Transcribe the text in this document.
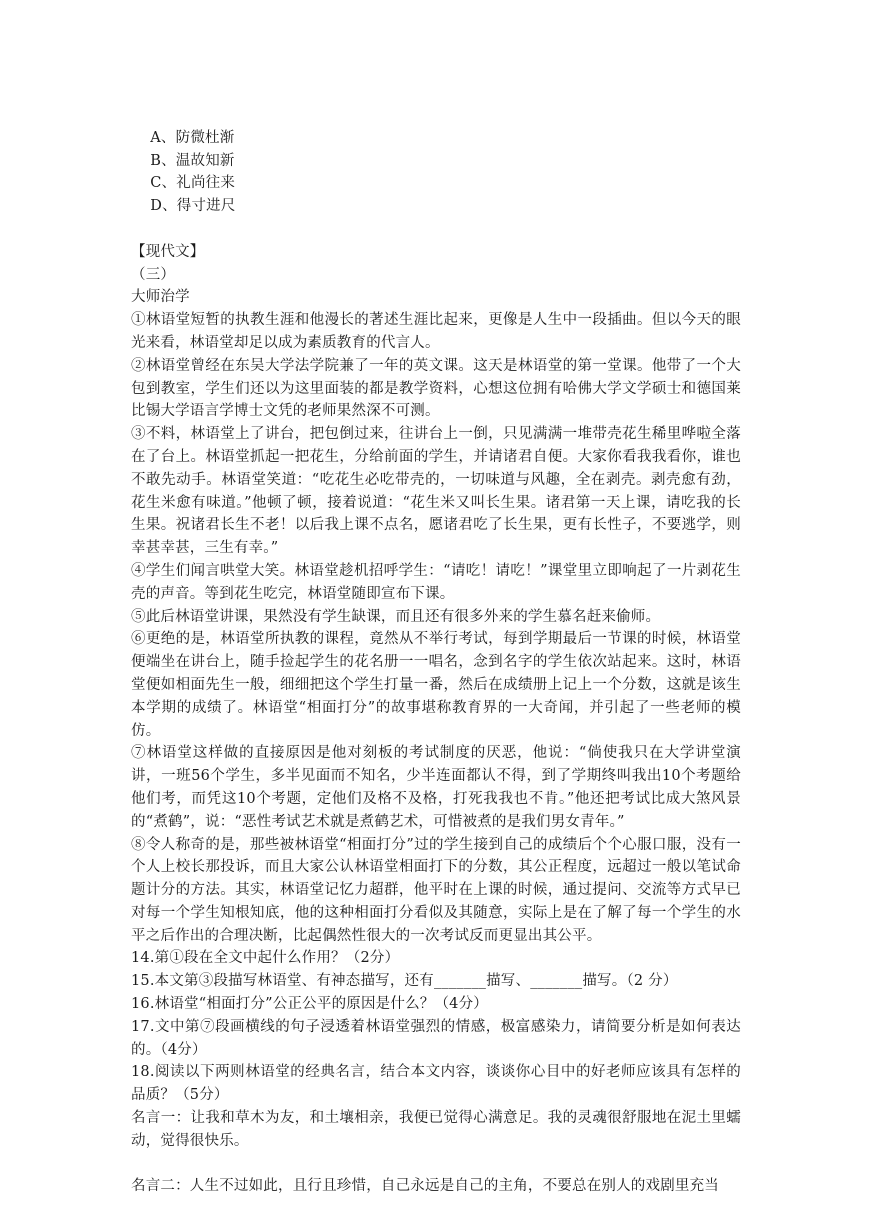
A、防微杜渐
B、温故知新
C、礼尚往来
D、得寸进尺

【现代文】
（三）
大师治学
①林语堂短暂的执教生涯和他漫长的著述生涯比起来，更像是人生中一段插曲。但以今天的眼光来看，林语堂却足以成为素质教育的代言人。
②林语堂曾经在东吴大学法学院兼了一年的英文课。这天是林语堂的第一堂课。他带了一个大包到教室，学生们还以为这里面装的都是教学资料，心想这位拥有哈佛大学文学硕士和德国莱比锡大学语言学博士文凭的老师果然深不可测。
③不料，林语堂上了讲台，把包倒过来，往讲台上一倒，只见满满一堆带壳花生稀里哗啦全落在了台上。林语堂抓起一把花生，分给前面的学生，并请诸君自便。大家你看我我看你，谁也不敢先动手。林语堂笑道：“吃花生必吃带壳的，一切味道与风趣，全在剥壳。剥壳愈有劲，花生米愈有味道。”他顿了顿，接着说道：“花生米又叫长生果。诸君第一天上课，请吃我的长生果。祝诸君长生不老！以后我上课不点名，愿诸君吃了长生果，更有长性子，不要逃学，则幸甚幸甚，三生有幸。”
④学生们闻言哄堂大笑。林语堂趁机招呼学生：“请吃！请吃！”课堂里立即响起了一片剥花生壳的声音。等到花生吃完，林语堂随即宣布下课。
⑤此后林语堂讲课，果然没有学生缺课，而且还有很多外来的学生慕名赶来偷师。
⑥更绝的是，林语堂所执教的课程，竟然从不举行考试，每到学期最后一节课的时候，林语堂便端坐在讲台上，随手捡起学生的花名册一一唱名，念到名字的学生依次站起来。这时，林语堂便如相面先生一般，细细把这个学生打量一番，然后在成绩册上记上一个分数，这就是该生本学期的成绩了。林语堂“相面打分”的故事堪称教育界的一大奇闻，并引起了一些老师的模仿。
⑦林语堂这样做的直接原因是他对刻板的考试制度的厌恶，他说：“倘使我只在大学讲堂演讲，一班56个学生，多半见面而不知名，少半连面都认不得，到了学期终叫我出10个考题给他们考，而凭这10个考题，定他们及格不及格，打死我我也不肯。”他还把考试比成大煞风景的“煮鹤”，说：“恶性考试艺术就是煮鹤艺术，可惜被煮的是我们男女青年。”
⑧令人称奇的是，那些被林语堂“相面打分”过的学生接到自己的成绩后个个心服口服，没有一个人上校长那投诉，而且大家公认林语堂相面打下的分数，其公正程度，远超过一般以笔试命题计分的方法。其实，林语堂记忆力超群，他平时在上课的时候，通过提问、交流等方式早已对每一个学生知根知底，他的这种相面打分看似及其随意，实际上是在了解了每一个学生的水平之后作出的合理决断，比起偶然性很大的一次考试反而更显出其公平。
14.第①段在全文中起什么作用？（2分）
15.本文第③段描写林语堂、有神态描写，还有_______描写、_______描写。（2 分）
16.林语堂“相面打分”公正公平的原因是什么？（4分）
17.文中第⑦段画横线的句子浸透着林语堂强烈的情感，极富感染力，请简要分析是如何表达的。（4分）
18.阅读以下两则林语堂的经典名言，结合本文内容，谈谈你心目中的好老师应该具有怎样的品质？（5分）
名言一：让我和草木为友，和土壤相亲，我便已觉得心满意足。我的灵魂很舒服地在泥土里蠕动，觉得很快乐。
名言二：人生不过如此，且行且珍惜，自己永远是自己的主角，不要总在别人的戏剧里充当
